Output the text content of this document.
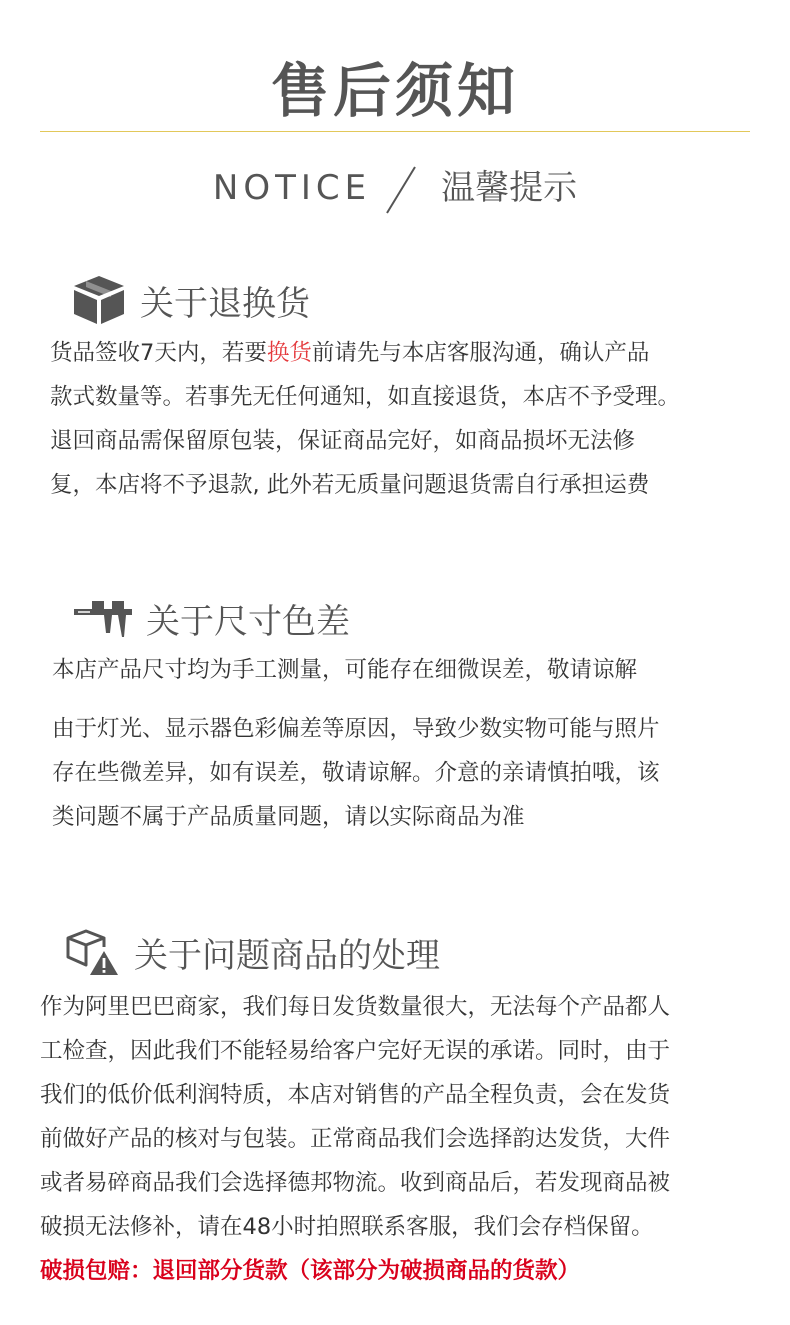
售后须知
NOTICE 温馨提示
关于退换货

货品签收7天内，若要换货前请先与本店客服沟通，确认产品

款式数量等。若事先无任何通知，如直接退货，本店不予受理。

退回商品需保留原包装，保证商品完好，如商品损坏无法修

复，本店将不予退款, 此外若无质量问题退货需自行承担运费

关于尺寸色差

本店产品尺寸均为手工测量，可能存在细微误差，敬请谅解

由于灯光、显示器色彩偏差等原因，导致少数实物可能与照片

存在些微差异，如有误差，敬请谅解。介意的亲请慎拍哦，该

类问题不属于产品质量同题，请以实际商品为准

关于问题商品的处理

作为阿里巴巴商家，我们每日发货数量很大，无法每个产品都人

工检查，因此我们不能轻易给客户完好无误的承诺。同时，由于

我们的低价低利润特质，本店对销售的产品全程负责，会在发货

前做好产品的核对与包装。正常商品我们会选择韵达发货，大件

或者易碎商品我们会选择德邦物流。收到商品后，若发现商品被

破损无法修补，请在48小时拍照联系客服，我们会存档保留。

破损包赔：退回部分货款（该部分为破损商品的货款）
